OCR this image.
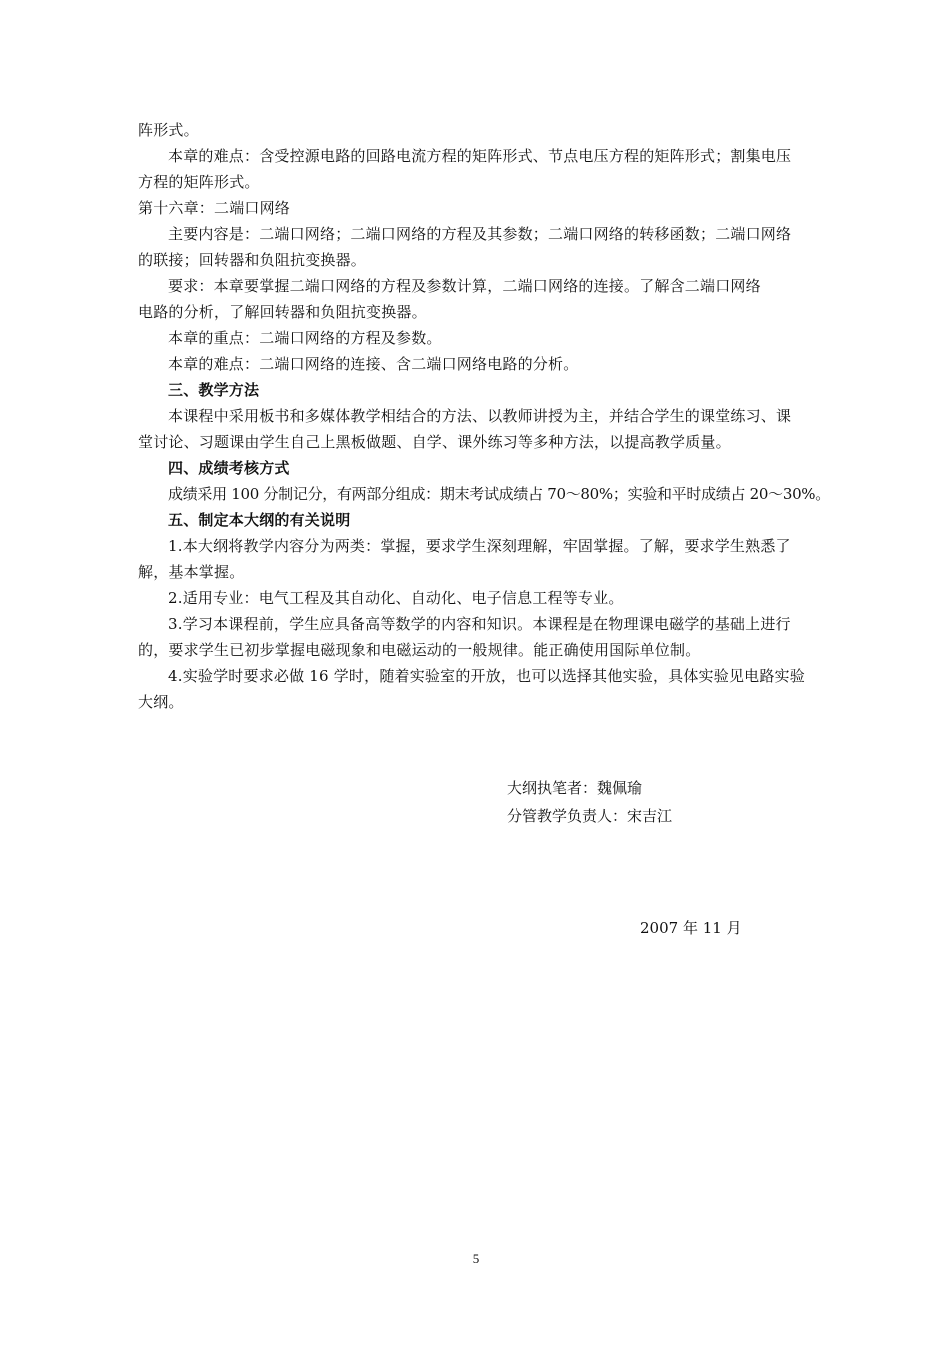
阵形式。
本章的难点：含受控源电路的回路电流方程的矩阵形式、节点电压方程的矩阵形式；割集电压
方程的矩阵形式。
第十六章：二端口网络
主要内容是：二端口网络；二端口网络的方程及其参数；二端口网络的转移函数；二端口网络
的联接；回转器和负阻抗变换器。
要求：本章要掌握二端口网络的方程及参数计算，二端口网络的连接。了解含二端口网络
电路的分析，了解回转器和负阻抗变换器。
本章的重点：二端口网络的方程及参数。
本章的难点：二端口网络的连接、含二端口网络电路的分析。
三、教学方法
本课程中采用板书和多媒体教学相结合的方法、以教师讲授为主，并结合学生的课堂练习、课
堂讨论、习题课由学生自己上黑板做题、自学、课外练习等多种方法，以提高教学质量。
四、成绩考核方式
成绩采用 100 分制记分，有两部分组成：期末考试成绩占 70～80%；实验和平时成绩占 20～30%。
五、制定本大纲的有关说明
1.本大纲将教学内容分为两类：掌握，要求学生深刻理解，牢固掌握。了解，要求学生熟悉了
解，基本掌握。
2.适用专业：电气工程及其自动化、自动化、电子信息工程等专业。
3.学习本课程前，学生应具备高等数学的内容和知识。本课程是在物理课电磁学的基础上进行
的，要求学生已初步掌握电磁现象和电磁运动的一般规律。能正确使用国际单位制。
4.实验学时要求必做 16 学时，随着实验室的开放，也可以选择其他实验，具体实验见电路实验
大纲。
大纲执笔者：魏佩瑜
分管教学负责人：宋吉江
2007 年 11 月
5
